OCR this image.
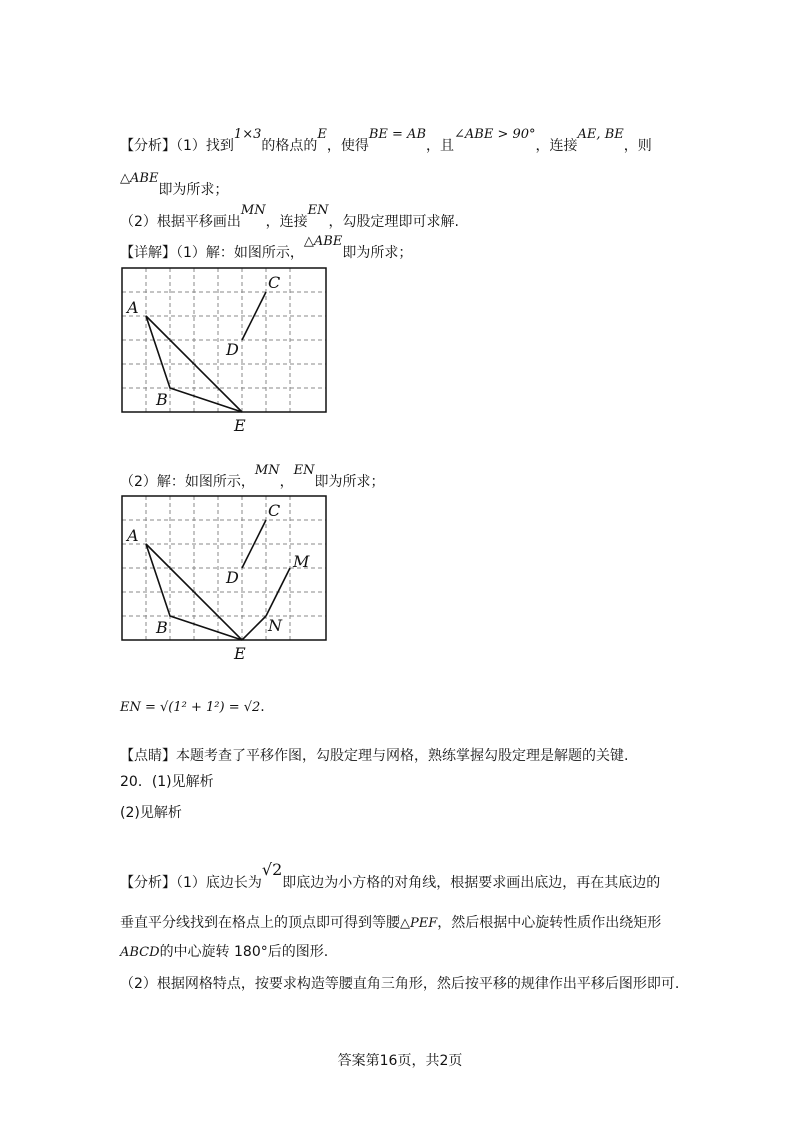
【分析】（1）找到1×3的格点的E，使得BE = AB，且∠ABE > 90°，连接AE, BE，则
△ABE即为所求；
（2）根据平移画出MN，连接EN，勾股定理即可求解.
【详解】（1）解：如图所示，△ABE即为所求；
A
B
C
D
E
（2）解：如图所示，MN，EN即为所求；
A
B
C
D
E
M
N
EN = √(1² + 1²) = √2.
【点睛】本题考查了平移作图，勾股定理与网格，熟练掌握勾股定理是解题的关键.
20．(1)见解析
(2)见解析
【分析】（1）底边长为√2即底边为小方格的对角线，根据要求画出底边，再在其底边的
垂直平分线找到在格点上的顶点即可得到等腰△PEF，然后根据中心旋转性质作出绕矩形
ABCD的中心旋转 180°后的图形.
（2）根据网格特点，按要求构造等腰直角三角形，然后按平移的规律作出平移后图形即可.
答案第16页，共2页
